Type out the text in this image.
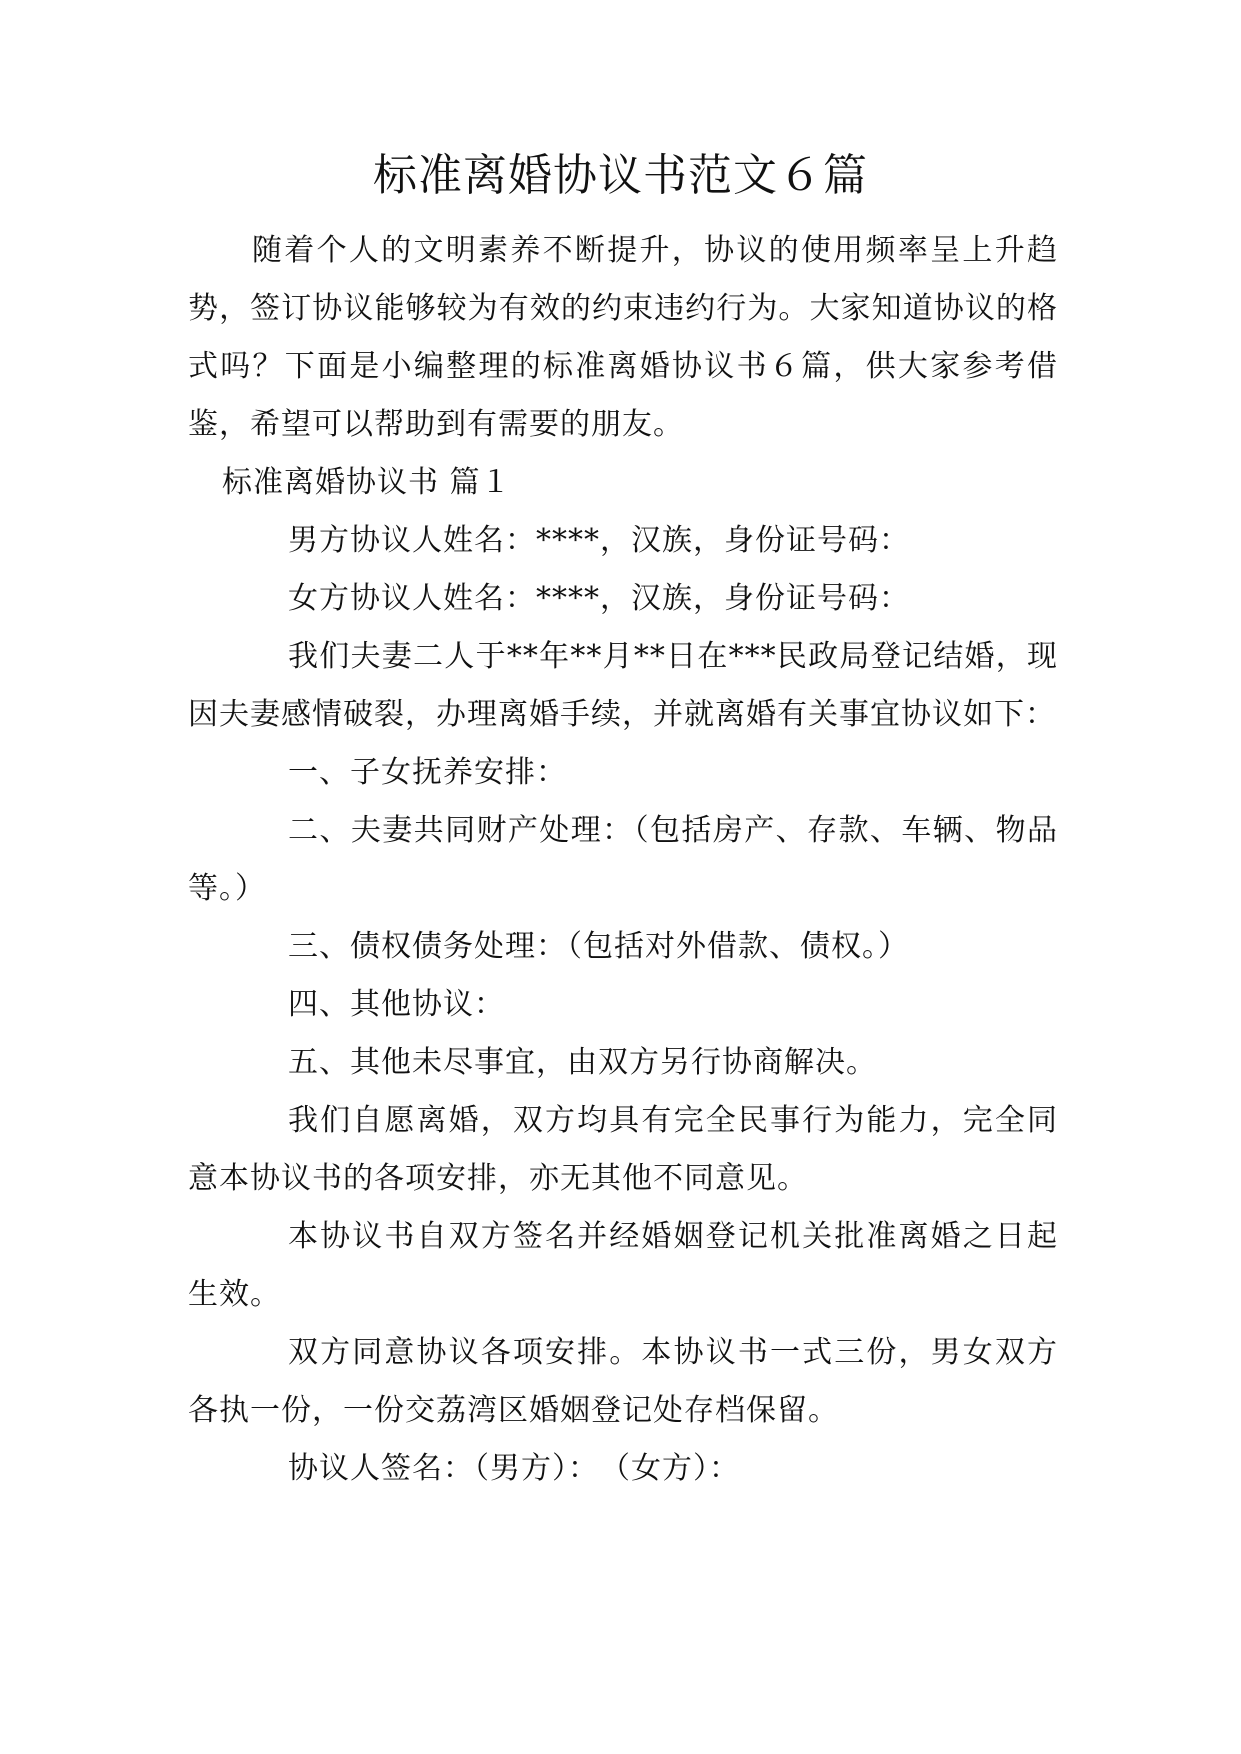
标准离婚协议书范文６篇

随着个人的文明素养不断提升，协议的使用频率呈上升趋势，签订协议能够较为有效的约束违约行为。大家知道协议的格式吗？下面是小编整理的标准离婚协议书６篇，供大家参考借鉴，希望可以帮助到有需要的朋友。

标准离婚协议书 篇１

男方协议人姓名：****，汉族，身份证号码：

女方协议人姓名：****，汉族，身份证号码：

我们夫妻二人于**年**月**日在***民政局登记结婚，现因夫妻感情破裂，办理离婚手续，并就离婚有关事宜协议如下：

一、子女抚养安排：

二、夫妻共同财产处理：（包括房产、存款、车辆、物品等。）

三、债权债务处理：（包括对外借款、债权。）

四、其他协议：

五、其他未尽事宜，由双方另行协商解决。

我们自愿离婚，双方均具有完全民事行为能力，完全同意本协议书的各项安排，亦无其他不同意见。

本协议书自双方签名并经婚姻登记机关批准离婚之日起生效。

双方同意协议各项安排。本协议书一式三份，男女双方各执一份，一份交荔湾区婚姻登记处存档保留。

协议人签名：（男方）：　（女方）：
